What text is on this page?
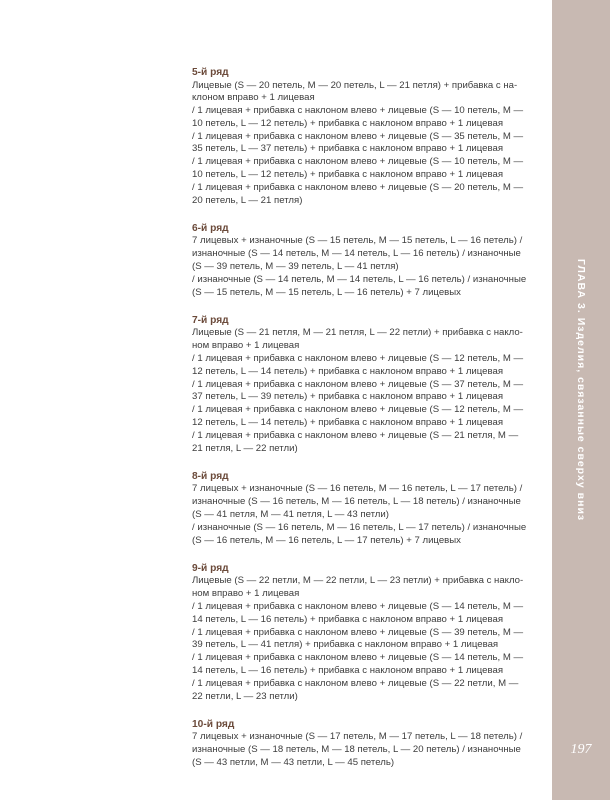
5-й ряд
Лицевые (S — 20 петель, M — 20 петель, L — 21 петля) + прибавка с на-
клоном вправо + 1 лицевая
/ 1 лицевая + прибавка с наклоном влево + лицевые (S — 10 петель, M —
10 петель, L — 12 петель) + прибавка с наклоном вправо + 1 лицевая
/ 1 лицевая + прибавка с наклоном влево + лицевые (S — 35 петель, M —
35 петель, L — 37 петель) + прибавка с наклоном вправо + 1 лицевая
/ 1 лицевая + прибавка с наклоном влево + лицевые (S — 10 петель, M —
10 петель, L — 12 петель) + прибавка с наклоном вправо + 1 лицевая
/ 1 лицевая + прибавка с наклоном влево + лицевые (S — 20 петель, M —
20 петель, L — 21 петля)
6-й ряд
7 лицевых + изнаночные (S — 15 петель, M — 15 петель, L — 16 петель) /
изнаночные (S — 14 петель, M — 14 петель, L — 16 петель) / изнаночные
(S — 39 петель, M — 39 петель, L — 41 петля)
/ изнаночные (S — 14 петель, M — 14 петель, L — 16 петель) / изнаночные
(S — 15 петель, M — 15 петель, L — 16 петель) + 7 лицевых
7-й ряд
Лицевые (S — 21 петля, M — 21 петля, L — 22 петли) + прибавка с накло-
ном вправо + 1 лицевая
/ 1 лицевая + прибавка с наклоном влево + лицевые (S — 12 петель, M —
12 петель, L — 14 петель) + прибавка с наклоном вправо + 1 лицевая
/ 1 лицевая + прибавка с наклоном влево + лицевые (S — 37 петель, M —
37 петель, L — 39 петель) + прибавка с наклоном вправо + 1 лицевая
/ 1 лицевая + прибавка с наклоном влево + лицевые (S — 12 петель, M —
12 петель, L — 14 петель) + прибавка с наклоном вправо + 1 лицевая
/ 1 лицевая + прибавка с наклоном влево + лицевые (S — 21 петля, M —
21 петля, L — 22 петли)
8-й ряд
7 лицевых + изнаночные (S — 16 петель, M — 16 петель, L — 17 петель) /
изнаночные (S — 16 петель, M — 16 петель, L — 18 петель) / изнаночные
(S — 41 петля, M — 41 петля, L — 43 петли)
/ изнаночные (S — 16 петель, M — 16 петель, L — 17 петель) / изнаночные
(S — 16 петель, M — 16 петель, L — 17 петель) + 7 лицевых
9-й ряд
Лицевые (S — 22 петли, M — 22 петли, L — 23 петли) + прибавка с накло-
ном вправо + 1 лицевая
/ 1 лицевая + прибавка с наклоном влево + лицевые (S — 14 петель, M —
14 петель, L — 16 петель) + прибавка с наклоном вправо + 1 лицевая
/ 1 лицевая + прибавка с наклоном влево + лицевые (S — 39 петель, M —
39 петель, L — 41 петля) + прибавка с наклоном вправо + 1 лицевая
/ 1 лицевая + прибавка с наклоном влево + лицевые (S — 14 петель, M —
14 петель, L — 16 петель) + прибавка с наклоном вправо + 1 лицевая
/ 1 лицевая + прибавка с наклоном влево + лицевые (S — 22 петли, M —
22 петли, L — 23 петли)
10-й ряд
7 лицевых + изнаночные (S — 17 петель, M — 17 петель, L — 18 петель) /
изнаночные (S — 18 петель, M — 18 петель, L — 20 петель) / изнаночные
(S — 43 петли, M — 43 петли, L — 45 петель)
ГЛАВА 3. Изделия, связанные сверху вниз
197
